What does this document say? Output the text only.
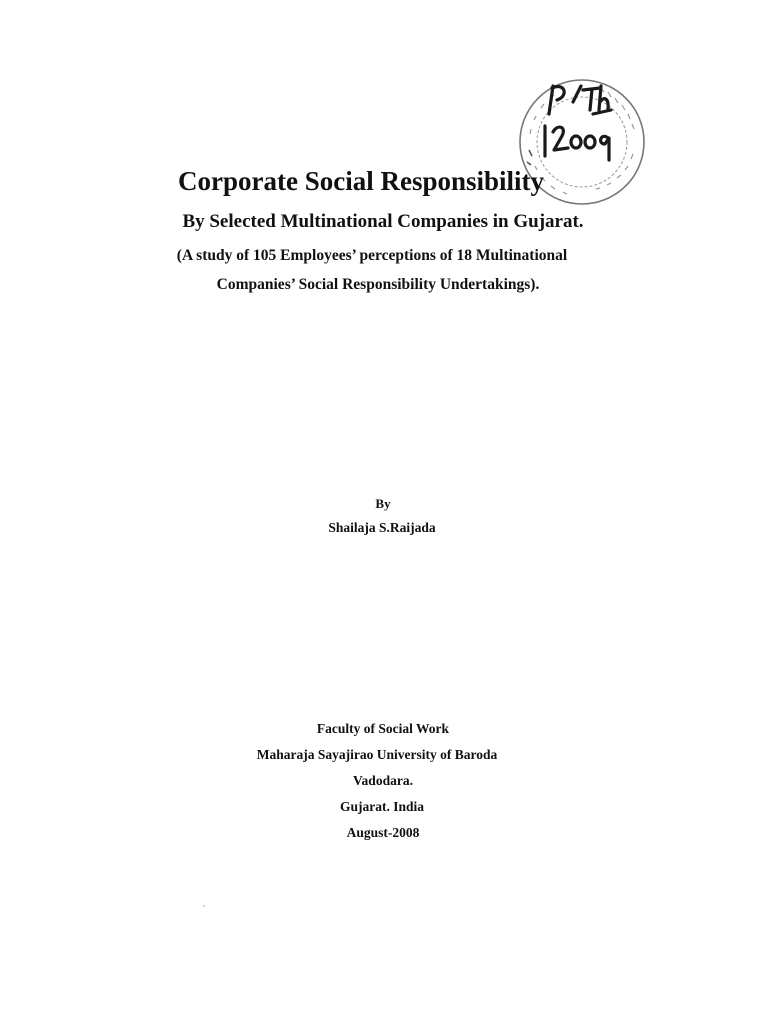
Corporate Social Responsibility
By Selected Multinational Companies in Gujarat.
(A study of 105 Employees’ perceptions of 18 Multinational
Companies’ Social Responsibility Undertakings).
By
Shailaja S.Raijada
Faculty of Social Work
Maharaja Sayajirao University of Baroda
Vadodara.
Gujarat. India
August-2008
